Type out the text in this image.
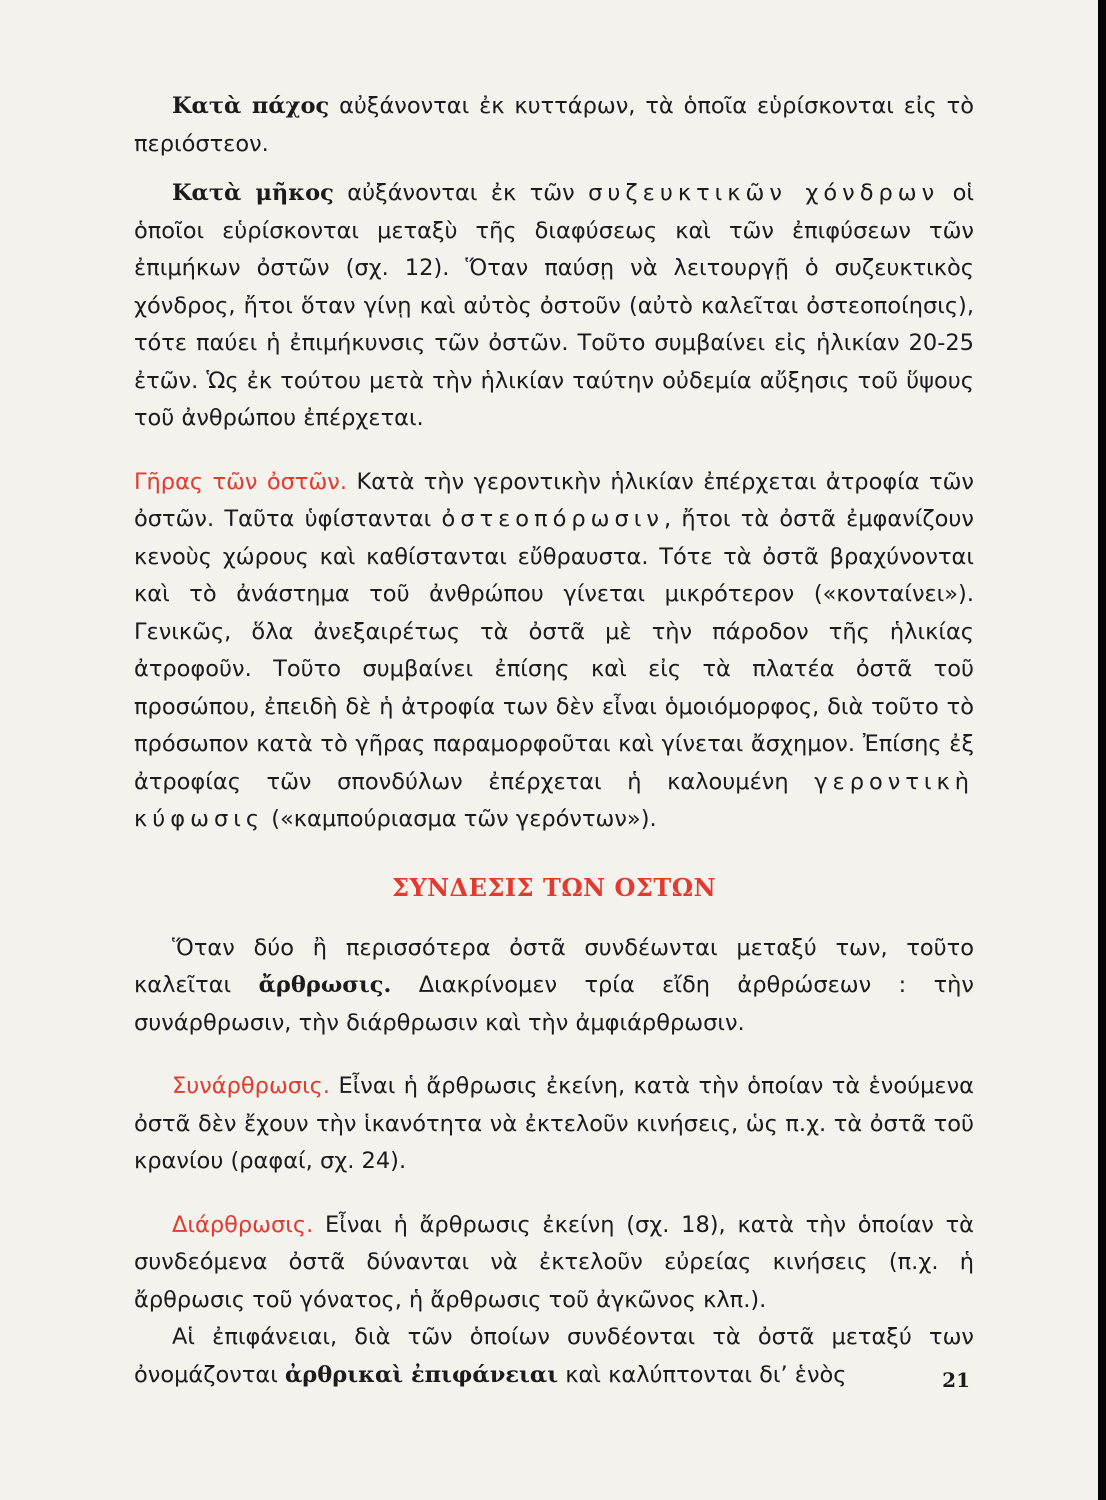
Κατὰ πάχος αὐξάνονται ἐκ κυττάρων, τὰ ὁποῖα εὑρίσκονται εἰς τὸ περιόστεον.

Κατὰ μῆκος αὐξάνονται ἐκ τῶν συζευκτικῶν χόνδρων οἱ ὁποῖοι εὑρίσκονται μεταξὺ τῆς διαφύσεως καὶ τῶν ἐπιφύσεων τῶν ἐπιμήκων ὀστῶν (σχ. 12). Ὅταν παύσῃ νὰ λειτουργῇ ὁ συζευκτικὸς χόνδρος, ἤτοι ὅταν γίνῃ καὶ αὐτὸς ὀστοῦν (αὐτὸ καλεῖται ὀστεοποίησις), τότε παύει ἡ ἐπιμήκυνσις τῶν ὀστῶν. Τοῦτο συμβαίνει εἰς ἡλικίαν 20-25 ἐτῶν. Ὡς ἐκ τούτου μετὰ τὴν ἡλικίαν ταύτην οὐδεμία αὔξησις τοῦ ὕψους τοῦ ἀνθρώπου ἐπέρχεται.

Γῆρας τῶν ὀστῶν. Κατὰ τὴν γεροντικὴν ἡλικίαν ἐπέρχεται ἀτροφία τῶν ὀστῶν. Ταῦτα ὑφίστανται ὀστεοπόρωσιν, ἤτοι τὰ ὀστᾶ ἐμφανίζουν κενοὺς χώρους καὶ καθίστανται εὔθραυστα. Τότε τὰ ὀστᾶ βραχύνονται καὶ τὸ ἀνάστημα τοῦ ἀνθρώπου γίνεται μικρότερον («κονταίνει»). Γενικῶς, ὅλα ἀνεξαιρέτως τὰ ὀστᾶ μὲ τὴν πάροδον τῆς ἡλικίας ἀτροφοῦν. Τοῦτο συμβαίνει ἐπίσης καὶ εἰς τὰ πλατέα ὀστᾶ τοῦ προσώπου, ἐπειδὴ δὲ ἡ ἀτροφία των δὲν εἶναι ὁμοιόμορφος, διὰ τοῦτο τὸ πρόσωπον κατὰ τὸ γῆρας παραμορφοῦται καὶ γίνεται ἄσχημον. Ἐπίσης ἐξ ἀτροφίας τῶν σπονδύλων ἐπέρχεται ἡ καλουμένη γεροντικὴ κύφωσις («καμπούριασμα τῶν γερόντων»).

ΣΥΝΔΕΣΙΣ ΤΩΝ ΟΣΤΩΝ

Ὅταν δύο ἢ περισσότερα ὀστᾶ συνδέωνται μεταξύ των, τοῦτο καλεῖται ἄρθρωσις. Διακρίνομεν τρία εἴδη ἀρθρώσεων : τὴν συνάρθρωσιν, τὴν διάρθρωσιν καὶ τὴν ἀμφιάρθρωσιν.

Συνάρθρωσις. Εἶναι ἡ ἄρθρωσις ἐκείνη, κατὰ τὴν ὁποίαν τὰ ἑνούμενα ὀστᾶ δὲν ἔχουν τὴν ἱκανότητα νὰ ἐκτελοῦν κινήσεις, ὡς π.χ. τὰ ὀστᾶ τοῦ κρανίου (ραφαί, σχ. 24).

Διάρθρωσις. Εἶναι ἡ ἄρθρωσις ἐκείνη (σχ. 18), κατὰ τὴν ὁποίαν τὰ συνδεόμενα ὀστᾶ δύνανται νὰ ἐκτελοῦν εὐρείας κινήσεις (π.χ. ἡ ἄρθρωσις τοῦ γόνατος, ἡ ἄρθρωσις τοῦ ἀγκῶνος κλπ.).

Αἱ ἐπιφάνειαι, διὰ τῶν ὁποίων συνδέονται τὰ ὀστᾶ μεταξύ των ὀνομάζονται ἀρθρικαὶ ἐπιφάνειαι καὶ καλύπτονται δι’ ἑνὸς	21
